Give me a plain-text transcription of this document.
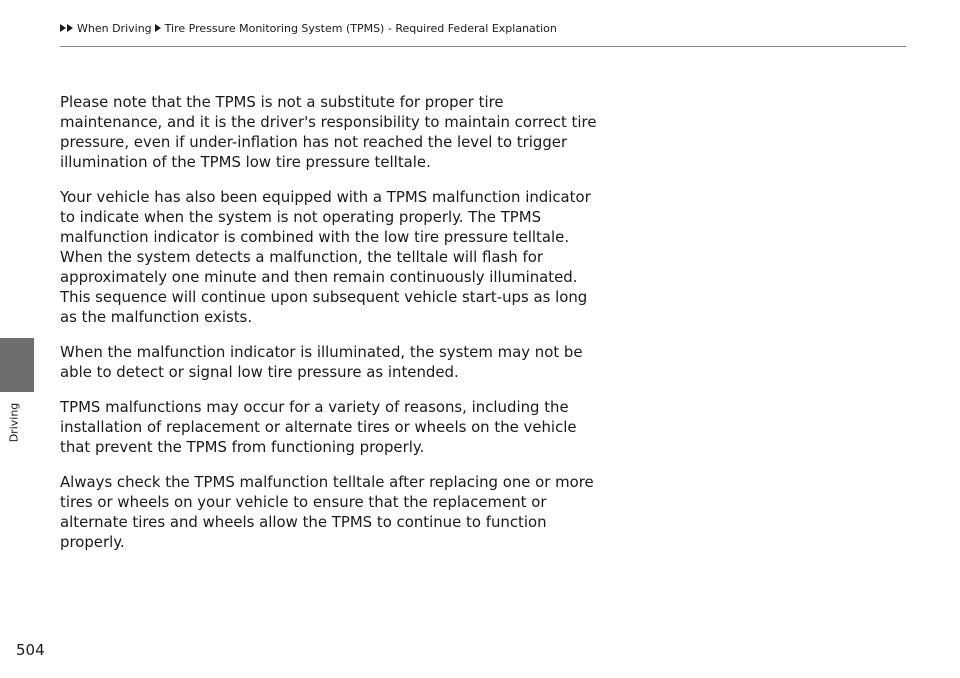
When Driving Tire Pressure Monitoring System (TPMS) - Required Federal Explanation
Driving

Please note that the TPMS is not a substitute for proper tire maintenance, and it is the driver's responsibility to maintain correct tire pressure, even if under-inflation has not reached the level to trigger illumination of the TPMS low tire pressure telltale.

Your vehicle has also been equipped with a TPMS malfunction indicator to indicate when the system is not operating properly. The TPMS malfunction indicator is combined with the low tire pressure telltale. When the system detects a malfunction, the telltale will flash for approximately one minute and then remain continuously illuminated. This sequence will continue upon subsequent vehicle start-ups as long as the malfunction exists.

When the malfunction indicator is illuminated, the system may not be able to detect or signal low tire pressure as intended.

TPMS malfunctions may occur for a variety of reasons, including the installation of replacement or alternate tires or wheels on the vehicle that prevent the TPMS from functioning properly.

Always check the TPMS malfunction telltale after replacing one or more tires or wheels on your vehicle to ensure that the replacement or alternate tires and wheels allow the TPMS to continue to function properly.

504
